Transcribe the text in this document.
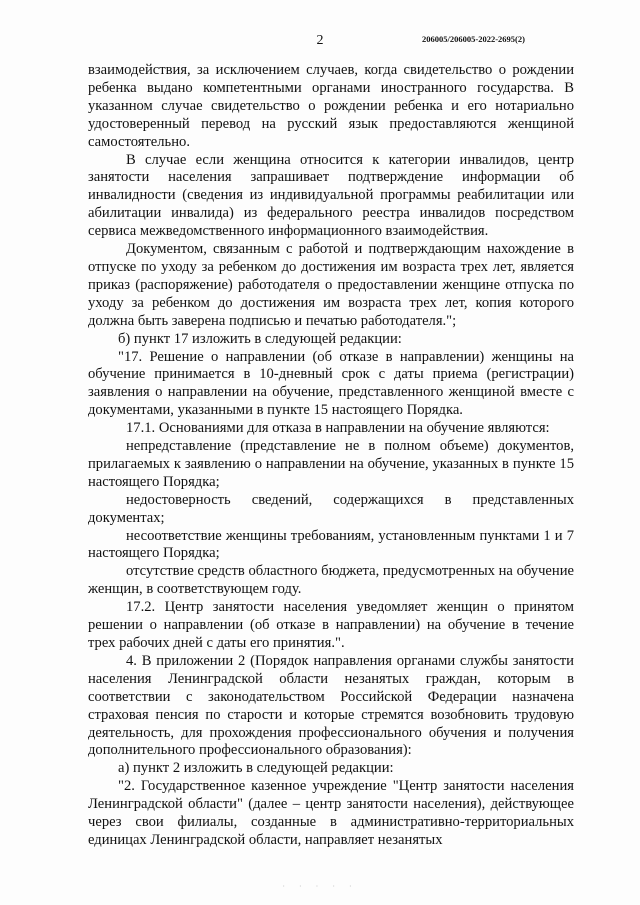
2	206005/206005-2022-2695(2)

взаимодействия, за исключением случаев, когда свидетельство о рождении ребенка выдано компетентными органами иностранного государства. В указанном случае свидетельство о рождении ребенка и его нотариально удостоверенный перевод на русский язык предоставляются женщиной самостоятельно.

В случае если женщина относится к категории инвалидов, центр занятости населения запрашивает подтверждение информации об инвалидности (сведения из индивидуальной программы реабилитации или абилитации инвалида) из федерального реестра инвалидов посредством сервиса межведомственного информационного взаимодействия.

Документом, связанным с работой и подтверждающим нахождение в отпуске по уходу за ребенком до достижения им возраста трех лет, является приказ (распоряжение) работодателя о предоставлении женщине отпуска по уходу за ребенком до достижения им возраста трех лет, копия которого должна быть заверена подписью и печатью работодателя.";

б) пункт 17 изложить в следующей редакции:

"17. Решение о направлении (об отказе в направлении) женщины на обучение принимается в 10-дневный срок с даты приема (регистрации) заявления о направлении на обучение, представленного женщиной вместе с документами, указанными в пункте 15 настоящего Порядка.

17.1. Основаниями для отказа в направлении на обучение являются:

непредставление (представление не в полном объеме) документов, прилагаемых к заявлению о направлении на обучение, указанных в пункте 15 настоящего Порядка;

недостоверность сведений, содержащихся в представленных документах;

несоответствие женщины требованиям, установленным пунктами 1 и 7 настоящего Порядка;

отсутствие средств областного бюджета, предусмотренных на обучение женщин, в соответствующем году.

17.2. Центр занятости населения уведомляет женщин о принятом решении о направлении (об отказе в направлении) на обучение в течение трех рабочих дней с даты его принятия.".

4. В приложении 2 (Порядок направления органами службы занятости населения Ленинградской области незанятых граждан, которым в соответствии с законодательством Российской Федерации назначена страховая пенсия по старости и которые стремятся возобновить трудовую деятельность, для прохождения профессионального обучения и получения дополнительного профессионального образования):

а) пункт 2 изложить в следующей редакции:

"2. Государственное казенное учреждение "Центр занятости населения Ленинградской области" (далее – центр занятости населения), действующее через свои филиалы, созданные в административно-территориальных единицах Ленинградской области, направляет незанятых

· · · · ·
